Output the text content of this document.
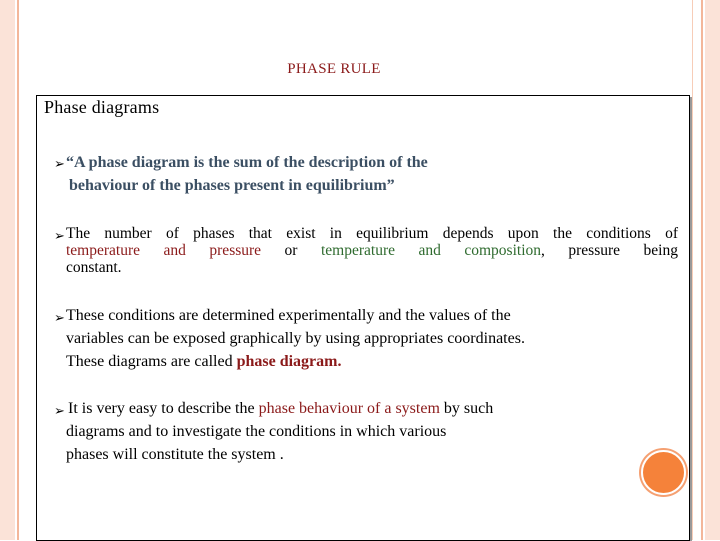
PHASE RULE
Phase diagrams
➢ “A phase diagram is the sum of the description of the
behaviour of the phases present in equilibrium”
➢ The number of phases that exist in equilibrium depends upon the conditions of
temperature and pressure or temperature and composition, pressure being
constant.
➢ These conditions are determined experimentally and the values of the
variables can be exposed graphically by using appropriates coordinates.
These diagrams are called phase diagram.
➢ It is very easy to describe the phase behaviour of a system by such
diagrams and to investigate the conditions in which various
phases will constitute the system .
